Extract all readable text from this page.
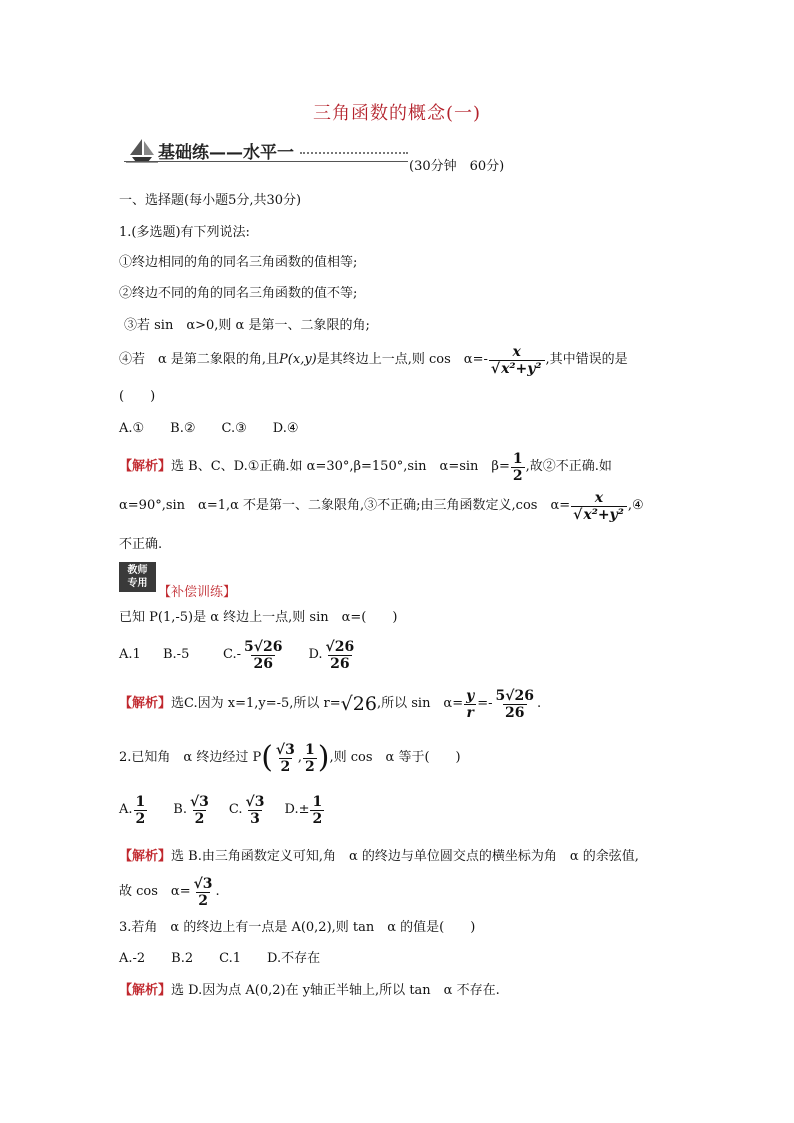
三角函数的概念(一)
基础练——水平一
(30分钟　60分)
一、选择题(每小题5分,共30分)
1.(多选题)有下列说法:
①终边相同的角的同名三角函数的值相等;
②终边不同的角的同名三角函数的值不等;
③若 sin　α>0,则 α 是第一、二象限的角;
④若　α 是第二象限的角,且 P(x,y) 是其终边上一点,则 cos　$\alpha=- \frac{x}{\text{√x²+y²}}$ ,其中错误的是
(　　)
A.①　　B.②　　C.③　　D.④
【解析】 选 B、C、D.①正确.如 α=30°,β=150°,sin　α=sin　$\beta= \frac{1}{2}$ ,故②不正确.如
α=90°,sin　α=1,α 不是第一、二象限角,③不正确;由三角函数定义,cos　$\alpha= \frac{x}{\text{√x²+y²}}$ ,④
不正确.
教师
专用
【补偿训练】
已知 P(1,-5)是 α 终边上一点,则 sin　α=(　　)
A.1	B.-5	$C.- \frac{5√26}{26} D$. $\frac{√26}{26}$
【解析】 选C.因为 x=1,y=-5,所以 r= √26 ,所以 sin　$\alpha= \frac{y}{r} =- \frac{5√26}{26}$ .
2.已知角　α 终边经过 P ( $\frac{√3}{2}$ , $\frac{1}{2}$ ) ,则 cos　α 等于(　　)
A. $\frac{1}{2} B$. $\frac{√3}{2} C$. $\frac{√3}{3} D.\pm \frac{1}{2}$
【解析】选 B.由三角函数定义可知,角　α 的终边与单位圆交点的横坐标为角　α 的余弦值,
故 cos　$\alpha= \frac{√3}{2}$ .
3.若角　α 的终边上有一点是 A(0,2),则 tan　α 的值是(　　)
A.-2　　B.2　　C.1　　D.不存在
【解析】选 D.因为点 A(0,2)在 y轴正半轴上,所以 tan　α 不存在.
